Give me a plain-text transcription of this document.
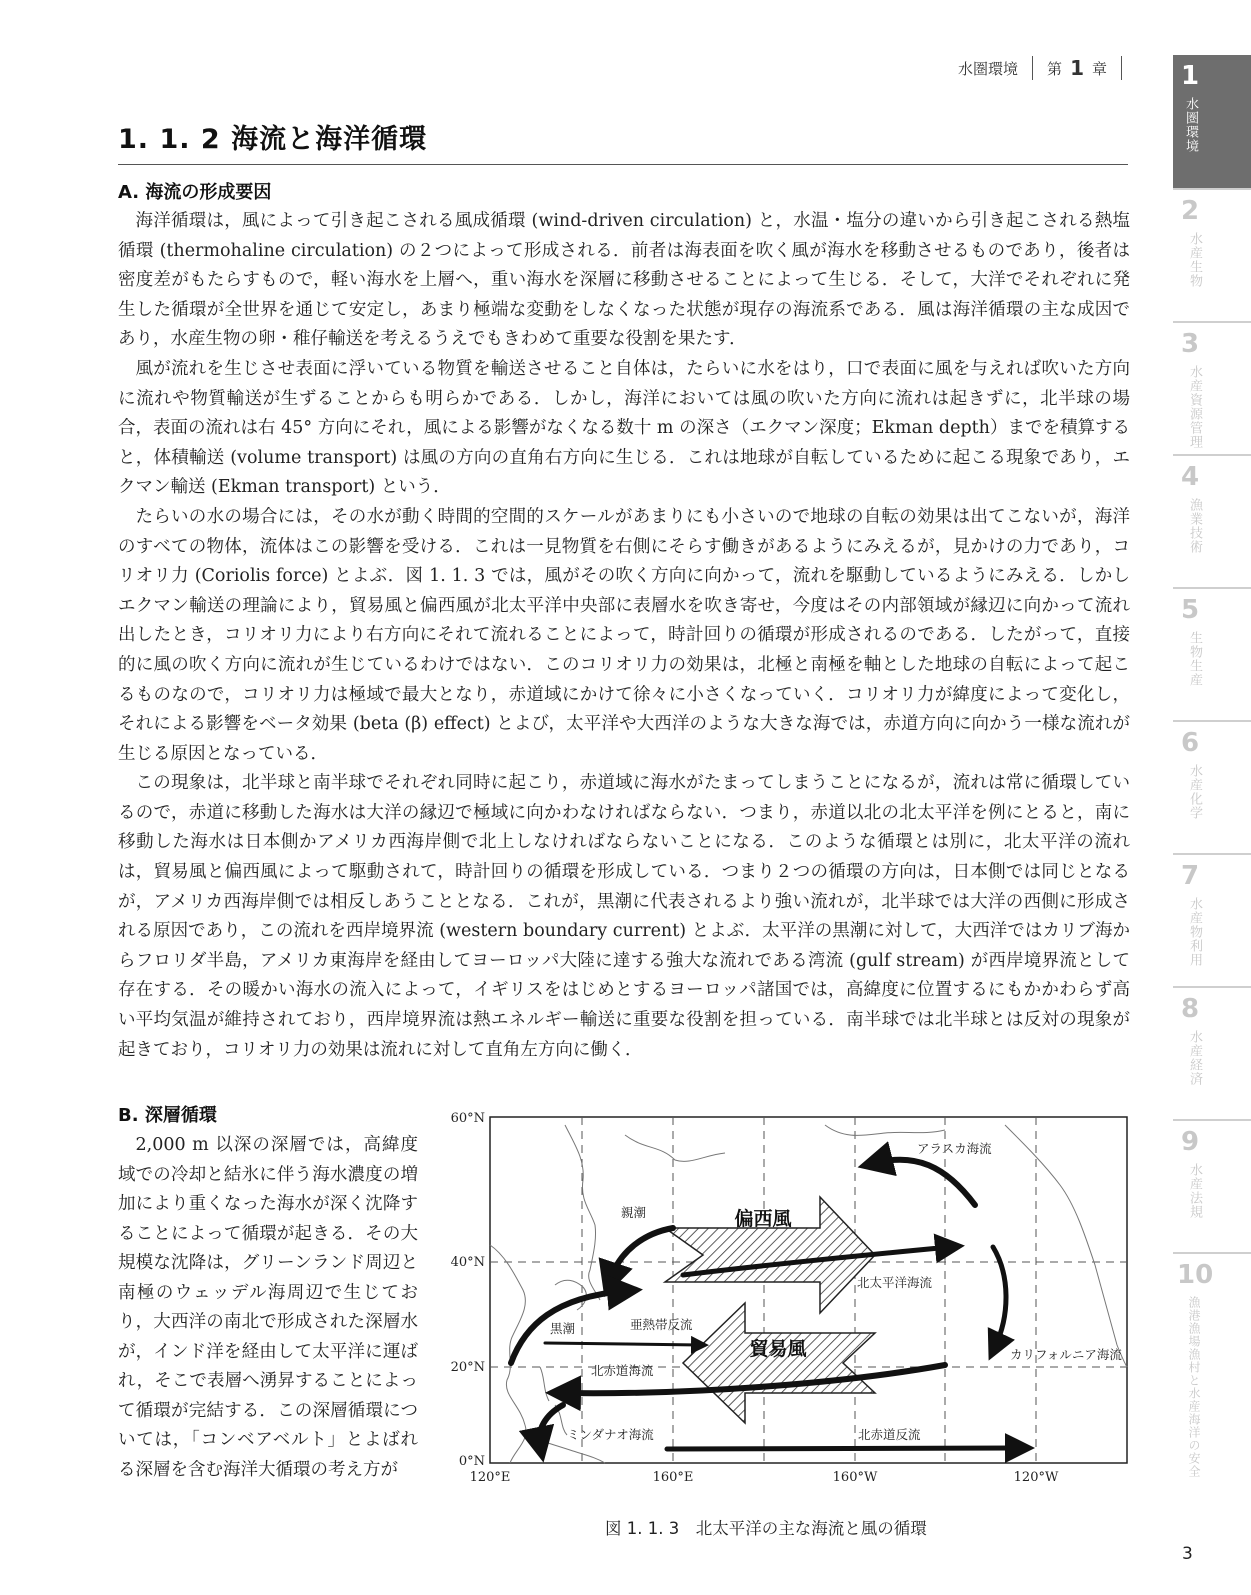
水圏環境 第 1 章	1
水圏環境
2
水産生物
3
水産資源管理
4
漁業技術
5
生物生産
6
水産化学
7
水産物利用
8
水産経済
9
水産法規
10
漁港漁場漁村と水産海洋の安全
1. 1. 2 海流と海洋循環
A. 海流の形成要因

海洋循環は，風によって引き起こされる風成循環 (wind-driven circulation) と，水温・塩分の違いから引き起こされる熱塩循環 (thermohaline circulation) の２つによって形成される．前者は海表面を吹く風が海水を移動させるものであり，後者は密度差がもたらすもので，軽い海水を上層へ，重い海水を深層に移動させることによって生じる．そして，大洋でそれぞれに発生した循環が全世界を通じて安定し，あまり極端な変動をしなくなった状態が現存の海流系である．風は海洋循環の主な成因であり，水産生物の卵・稚仔輸送を考えるうえでもきわめて重要な役割を果たす．

風が流れを生じさせ表面に浮いている物質を輸送させること自体は，たらいに水をはり，口で表面に風を与えれば吹いた方向に流れや物質輸送が生ずることからも明らかである．しかし，海洋においては風の吹いた方向に流れは起きずに，北半球の場合，表面の流れは右 45° 方向にそれ，風による影響がなくなる数十 m の深さ（エクマン深度；Ekman depth）までを積算すると，体積輸送 (volume transport) は風の方向の直角右方向に生じる．これは地球が自転しているために起こる現象であり，エクマン輸送 (Ekman transport) という．

たらいの水の場合には，その水が動く時間的空間的スケールがあまりにも小さいので地球の自転の効果は出てこないが，海洋のすべての物体，流体はこの影響を受ける．これは一見物質を右側にそらす働きがあるようにみえるが，見かけの力であり，コリオリ力 (Coriolis force) とよぶ．図 1. 1. 3 では，風がその吹く方向に向かって，流れを駆動しているようにみえる．しかしエクマン輸送の理論により，貿易風と偏西風が北太平洋中央部に表層水を吹き寄せ，今度はその内部領域が縁辺に向かって流れ出したとき，コリオリ力により右方向にそれて流れることによって，時計回りの循環が形成されるのである．したがって，直接的に風の吹く方向に流れが生じているわけではない．このコリオリ力の効果は，北極と南極を軸とした地球の自転によって起こるものなので，コリオリ力は極域で最大となり，赤道域にかけて徐々に小さくなっていく．コリオリ力が緯度によって変化し，それによる影響をベータ効果 (beta (β) effect) とよび，太平洋や大西洋のような大きな海では，赤道方向に向かう一様な流れが生じる原因となっている．

この現象は，北半球と南半球でそれぞれ同時に起こり，赤道域に海水がたまってしまうことになるが，流れは常に循環しているので，赤道に移動した海水は大洋の縁辺で極域に向かわなければならない．つまり，赤道以北の北太平洋を例にとると，南に移動した海水は日本側かアメリカ西海岸側で北上しなければならないことになる．このような循環とは別に，北太平洋の流れは，貿易風と偏西風によって駆動されて，時計回りの循環を形成している．つまり２つの循環の方向は，日本側では同じとなるが，アメリカ西海岸側では相反しあうこととなる．これが，黒潮に代表されるより強い流れが，北半球では大洋の西側に形成される原因であり，この流れを西岸境界流 (western boundary current) とよぶ．太平洋の黒潮に対して，大西洋ではカリブ海からフロリダ半島，アメリカ東海岸を経由してヨーロッパ大陸に達する強大な流れである湾流 (gulf stream) が西岸境界流として存在する．その暖かい海水の流入によって，イギリスをはじめとするヨーロッパ諸国では，高緯度に位置するにもかかわらず高い平均気温が維持されており，西岸境界流は熱エネルギー輸送に重要な役割を担っている．南半球では北半球とは反対の現象が起きており，コリオリ力の効果は流れに対して直角左方向に働く．

B. 深層循環

2,000 m 以深の深層では，高緯度域での冷却と結氷に伴う海水濃度の増加により重くなった海水が深く沈降することによって循環が起きる．その大規模な沈降は，グリーンランド周辺と南極のウェッデル海周辺で生じており，大西洋の南北で形成された深層水が，インド洋を経由して太平洋に運ばれ，そこで表層へ湧昇することによって循環が完結する．この深層循環については，「コンベアベルト」とよばれる深層を含む海洋大循環の考え方が

60°N
40°N
20°N
0°N
120°E	160°E	160°W	120°W
偏西風
貿易風
アラスカ海流
親潮
北太平洋海流
黒潮	亜熱帯反流
北赤道海流
カリフォルニア海流
ミンダナオ海流	北赤道反流

図 1. 1. 3　北太平洋の主な海流と風の循環

3
